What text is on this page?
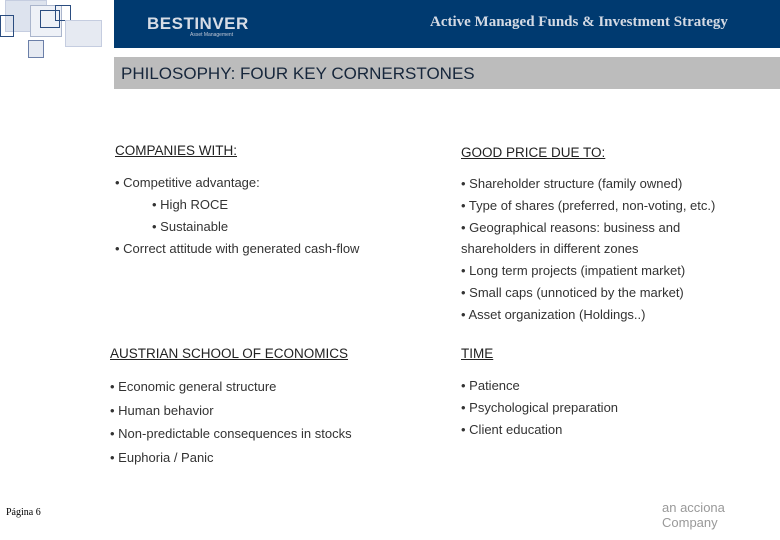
BESTINVER
Asset Management
Active Managed Funds & Investment Strategy
PHILOSOPHY: FOUR KEY CORNERSTONES
COMPANIES WITH:
• Competitive advantage:
• High ROCE
• Sustainable
• Correct attitude with generated cash-flow
GOOD PRICE DUE TO:
• Shareholder structure (family owned)
• Type of shares (preferred, non-voting, etc.)
• Geographical reasons: business and
shareholders in different zones
• Long term projects (impatient market)
• Small caps (unnoticed by the market)
• Asset organization (Holdings..)
AUSTRIAN SCHOOL OF ECONOMICS
• Economic general structure
• Human behavior
• Non-predictable consequences in stocks
• Euphoria / Panic
TIME
• Patience
• Psychological preparation
• Client education
Página 6	an acciona Company
